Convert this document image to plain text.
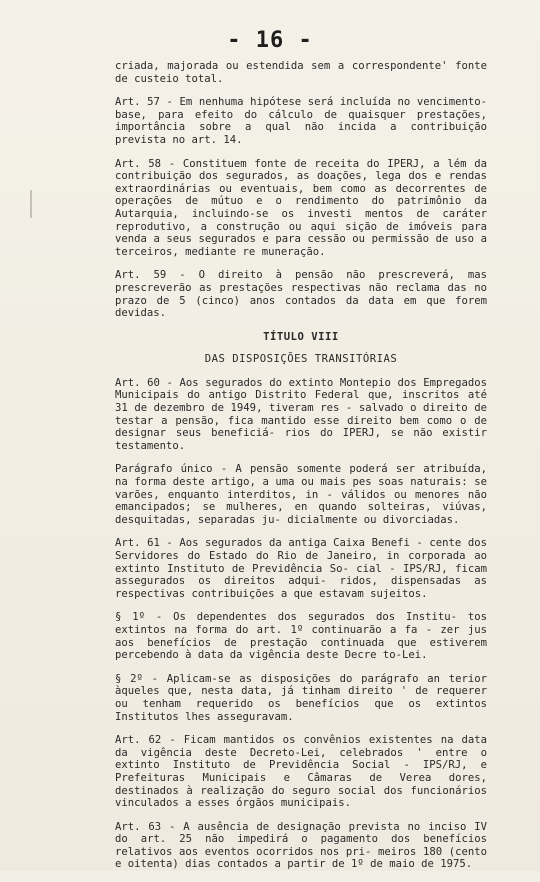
- 16 -

criada, majorada ou estendida sem a correspondente' fonte de custeio total.

Art. 57 - Em nenhuma hipótese será incluída no vencimento-base, para efeito do cálculo de quaisquer prestações, importância sobre a qual não incida a contribuição prevista no art. 14.

Art. 58 - Constituem fonte de receita do IPERJ, a lém da contribuição dos segurados, as doações, lega dos e rendas extraordinárias ou eventuais, bem como as decorrentes de operações de mútuo e o rendimento do patrimônio da Autarquia, incluindo-se os investi mentos de caráter reprodutivo, a construção ou aqui sição de imóveis para venda a seus segurados e para cessão ou permissão de uso a terceiros, mediante re muneração.

Art. 59 - O direito à pensão não prescreverá, mas prescreverão as prestações respectivas não reclama das no prazo de 5 (cinco) anos contados da data em que forem devidas.

TÍTULO VIII
DAS DISPOSIÇÕES TRANSITÓRIAS

Art. 60 - Aos segurados do extinto Montepio dos Empregados Municipais do antigo Distrito Federal que, inscritos até 31 de dezembro de 1949, tiveram res - salvado o direito de testar a pensão, fica mantido esse direito bem como o de designar seus beneficiá- rios do IPERJ, se não existir testamento.

Parágrafo único - A pensão somente poderá ser atribuída, na forma deste artigo, a uma ou mais pes soas naturais: se varões, enquanto interditos, in - válidos ou menores não emancipados; se mulheres, en quando solteiras, viúvas, desquitadas, separadas ju- dicialmente ou divorciadas.

Art. 61 - Aos segurados da antiga Caixa Benefi - cente dos Servidores do Estado do Rio de Janeiro, in corporada ao extinto Instituto de Previdência So- cial - IPS/RJ, ficam assegurados os direitos adqui- ridos, dispensadas as respectivas contribuições a que estavam sujeitos.

§ 1º - Os dependentes dos segurados dos Institu- tos extintos na forma do art. 1º continuarão a fa - zer jus aos benefícios de prestação continuada que estiverem percebendo à data da vigência deste Decre to-Lei.

§ 2º - Aplicam-se as disposições do parágrafo an terior àqueles que, nesta data, já tinham direito ' de requerer ou tenham requerido os benefícios que os extintos Institutos lhes asseguravam.

Art. 62 - Ficam mantidos os convênios existentes na data da vigência deste Decreto-Lei, celebrados ' entre o extinto Instituto de Previdência Social - IPS/RJ, e Prefeituras Municipais e Câmaras de Verea dores, destinados à realização do seguro social dos funcionários vinculados a esses órgãos municipais.

Art. 63 - A ausência de designação prevista no inciso IV do art. 25 não impedirá o pagamento dos benefícios relativos aos eventos ocorridos nos pri- meiros 180 (cento e oitenta) dias contados a partir de 1º de maio de 1975.
